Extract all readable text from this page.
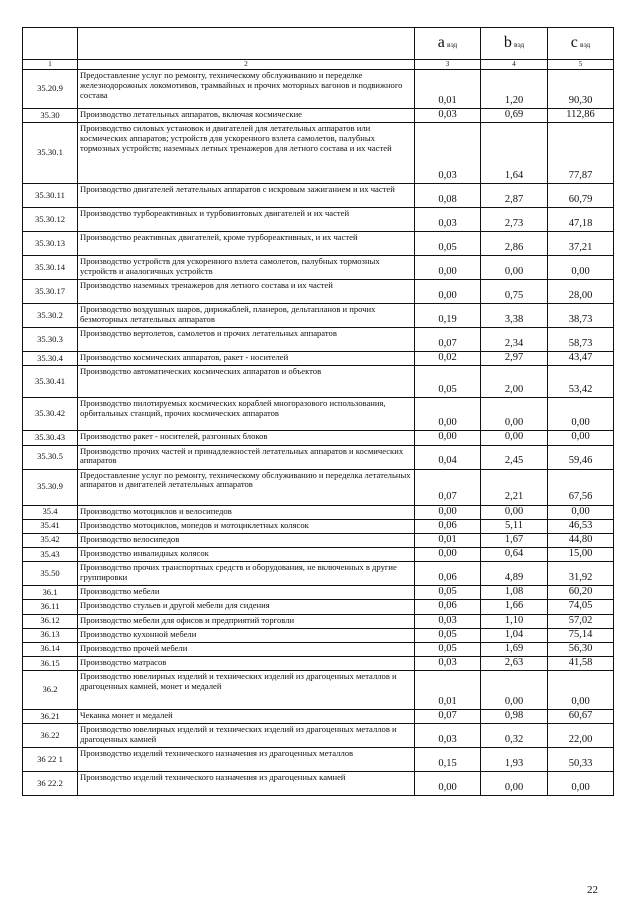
		a вэд	b вэд	c вэд
1	2	3	4	5
35.20.9	Предоставление услуг по ремонту, техническому обслуживанию и переделке железнодорожных локомотивов, трамвайных и прочих моторных вагонов и подвижного состава	0,01	1,20	90,30
35.30	Производство летательных аппаратов, включая космические	0,03	0,69	112,86
35.30.1	Производство силовых установок и двигателей для летательных аппаратов или космических аппаратов; устройств для ускоренного взлета самолетов, палубных тормозных устройств; наземных летных тренажеров для летного состава и их частей	0,03	1,64	77,87
35.30.11	Производство двигателей летательных аппаратов с искровым зажиганием и их частей	0,08	2,87	60,79
35.30.12	Производство турбореактивных и турбовинтовых двигателей и их частей	0,03	2,73	47,18
35.30.13	Производство реактивных двигателей, кроме турбореактивных, и их частей	0,05	2,86	37,21
35.30.14	Производство устройств для ускоренного взлета самолетов, палубных тормозных устройств и аналогичных устройств	0,00	0,00	0,00
35.30.17	Производство наземных тренажеров для летного состава и их частей	0,00	0,75	28,00
35.30.2	Производство воздушных шаров, дирижаблей, планеров, дельтапланов и прочих безмоторных летательных аппаратов	0,19	3,38	38,73
35.30.3	Производство вертолетов, самолетов и прочих летательных аппаратов	0,07	2,34	58,73
35.30.4	Производство космических аппаратов, ракет - носителей	0,02	2,97	43,47
35.30.41	Производство автоматических космических аппаратов и объектов	0,05	2,00	53,42
35.30.42	Производство пилотируемых космических кораблей многоразового использования, орбитальных станций, прочих космических аппаратов	0,00	0,00	0,00
35.30.43	Производство ракет - носителей, разгонных блоков	0,00	0,00	0,00
35.30.5	Производство прочих частей и принадлежностей летательных аппаратов и космических аппаратов	0,04	2,45	59,46
35.30.9	Предоставление услуг по ремонту, техническому обслуживанию и переделка летательных аппаратов и двигателей летательных аппаратов	0,07	2,21	67,56
35.4	Производство мотоциклов и велосипедов	0,00	0,00	0,00
35.41	Производство мотоциклов, мопедов и мотоциклетных колясок	0,06	5,11	46,53
35.42	Производство велосипедов	0,01	1,67	44,80
35.43	Производство инвалидных колясок	0,00	0,64	15,00
35.50	Производство прочих транспортных средств и оборудования, не включенных в другие группировки	0,06	4,89	31,92
36.1	Производство мебели	0,05	1,08	60,20
36.11	Производство стульев и другой мебели для сидения	0,06	1,66	74,05
36.12	Производство мебели для офисов и предприятий торговли	0,03	1,10	57,02
36.13	Производство кухонной мебели	0,05	1,04	75,14
36.14	Производство прочей мебели	0,05	1,69	56,30
36.15	Производство матрасов	0,03	2,63	41,58
36.2	Производство ювелирных изделий и технических изделий из драгоценных металлов и драгоценных камней, монет и медалей	0,01	0,00	0,00
36.21	Чеканка монет и медалей	0,07	0,98	60,67
36.22	Производство ювелирных изделий и технических изделий из драгоценных металлов и драгоценных камней	0,03	0,32	22,00
36 22 1	Производство изделий технического назначения из драгоценных металлов	0,15	1,93	50,33
36 22.2	Производство изделий технического назначения из драгоценных камней	0,00	0,00	0,00
22
